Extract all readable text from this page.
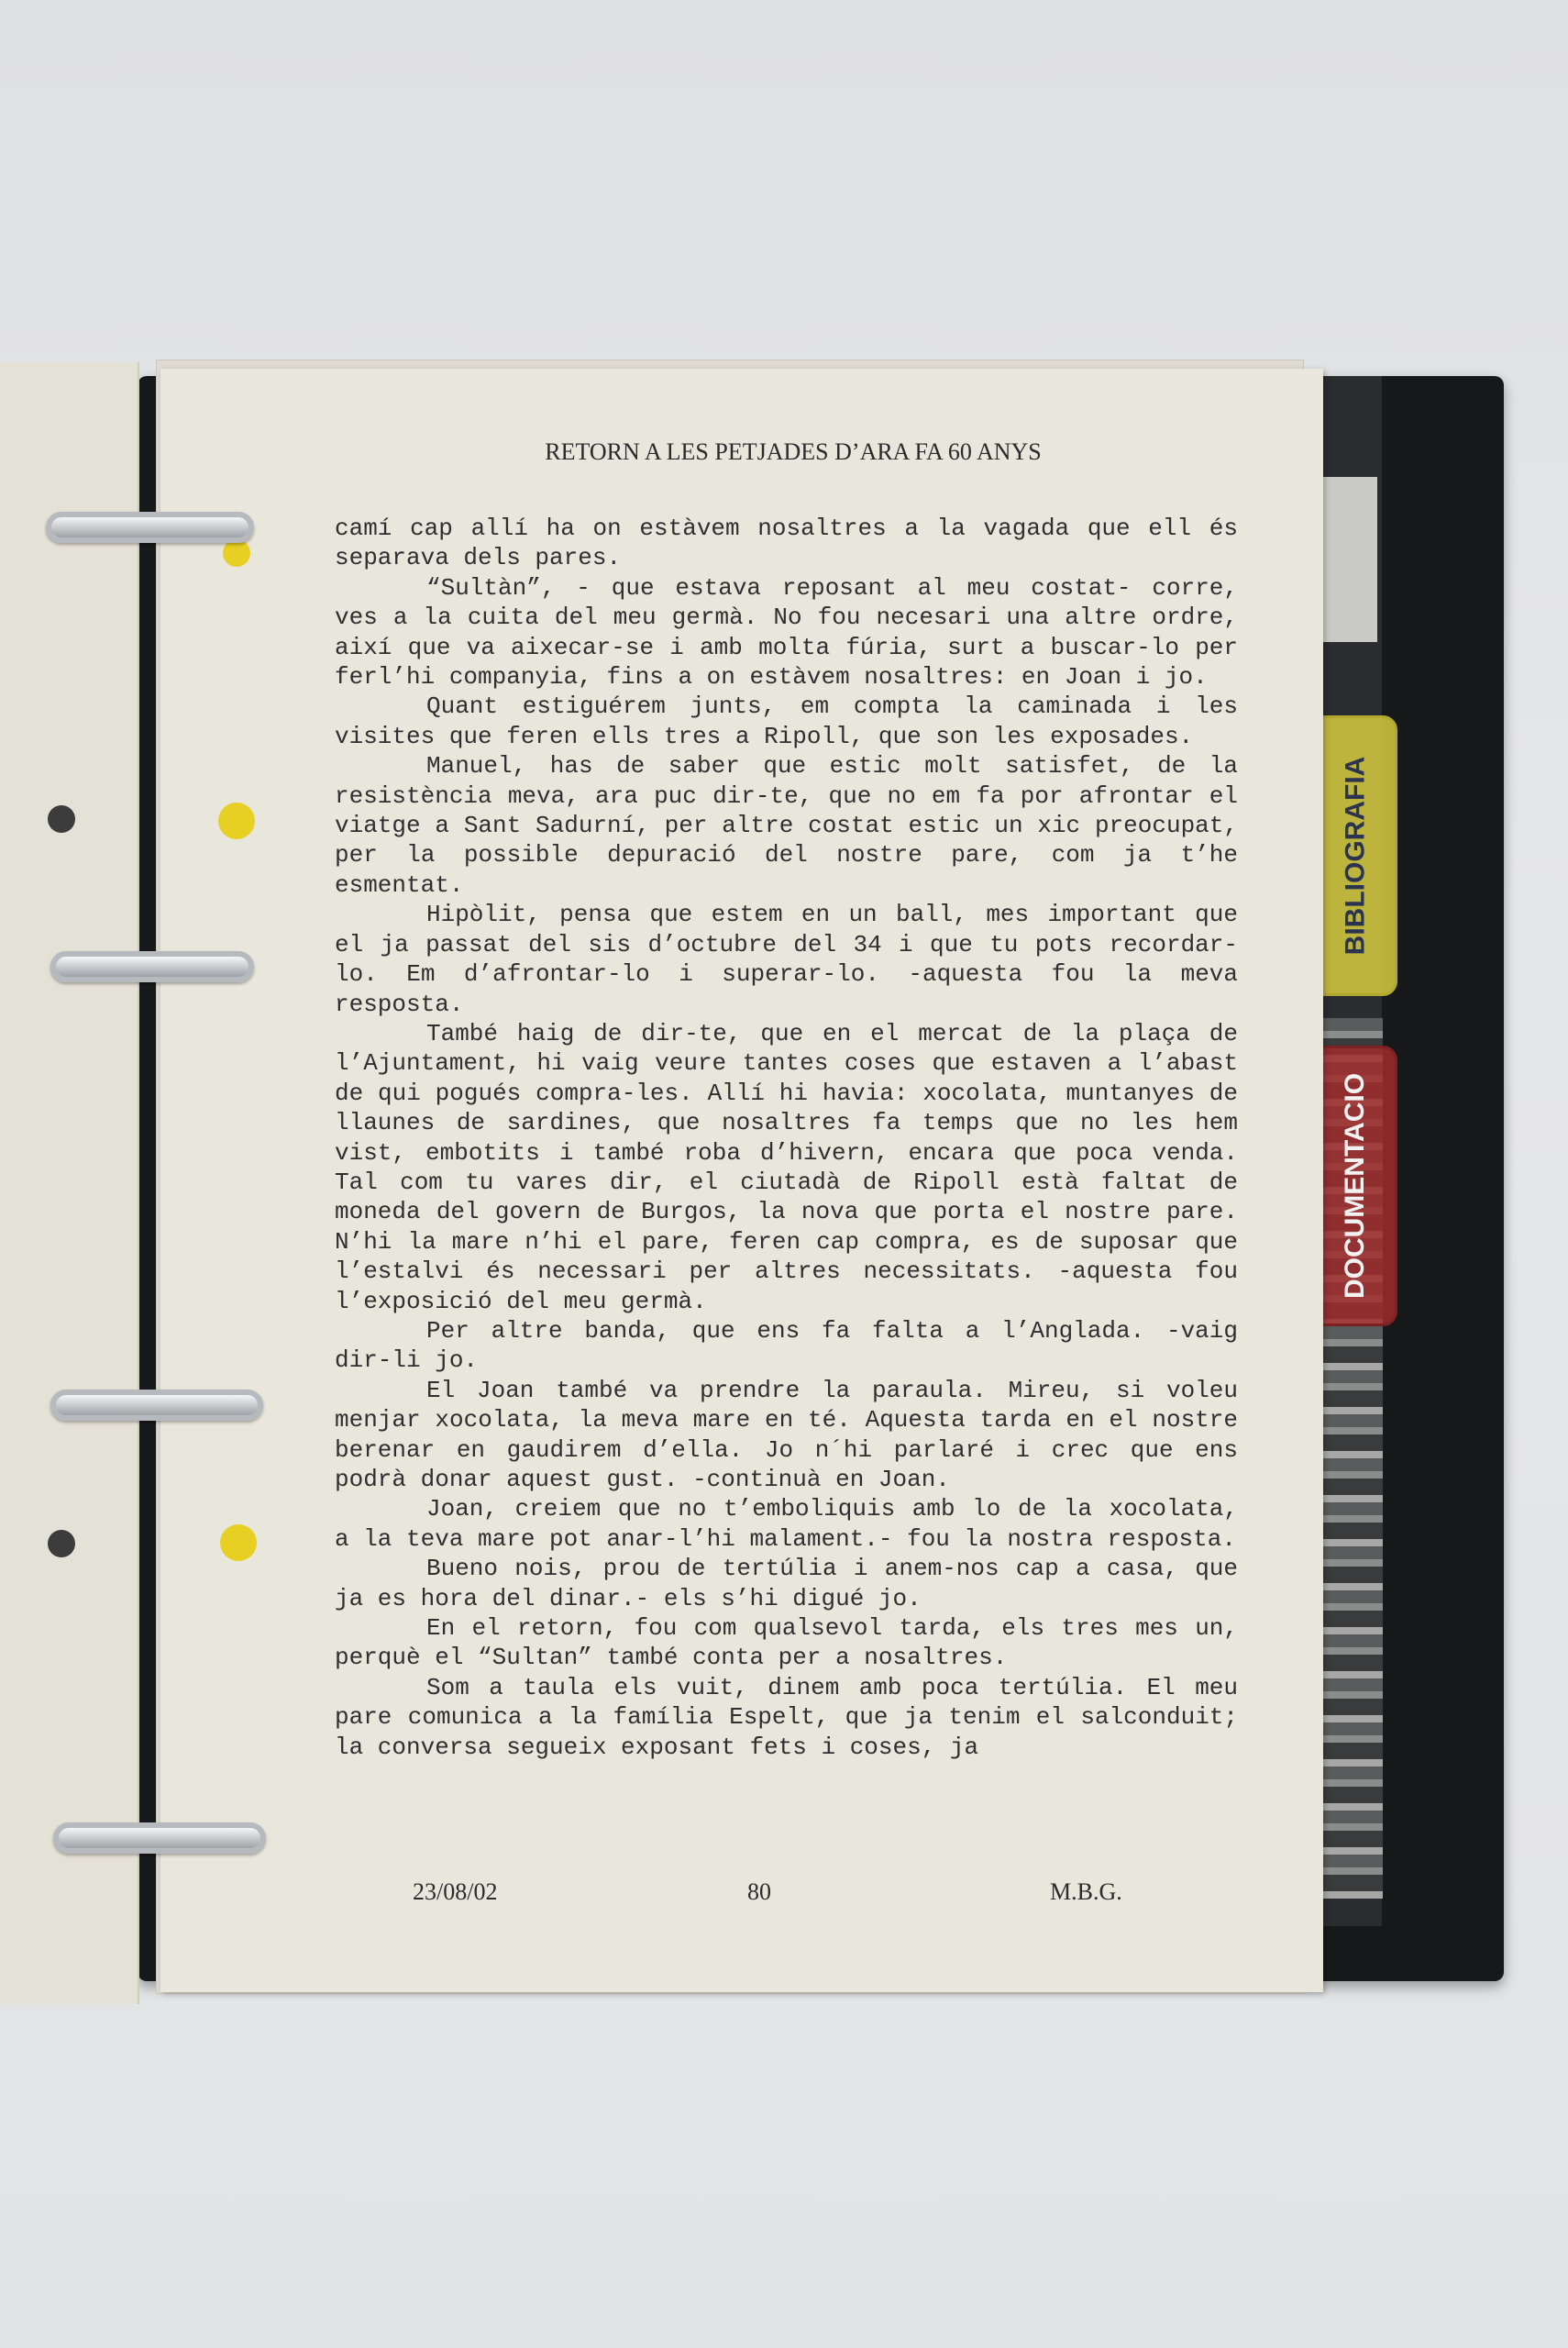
BIBLIOGRAFIA
DOCUMENTACIO
RETORN A LES PETJADES D’ARA FA 60 ANYS

camí cap allí ha on estàvem nosaltres a la vagada que ell és separava dels pares.

“Sultàn”, - que estava reposant al meu costat- corre, ves a la cuita del meu germà. No fou necesari una altre ordre, així que va aixecar-se i amb molta fúria, surt a buscar-lo per ferl’hi companyia, fins a on estàvem nosaltres: en Joan i jo.

Quant estiguérem junts, em compta la caminada i les visites que feren ells tres a Ripoll, que son les exposades.

Manuel, has de saber que estic molt satisfet, de la resistència meva, ara puc dir-te, que no em fa por afrontar el viatge a Sant Sadurní, per altre costat estic un xic preocupat, per la possible depuració del nostre pare, com ja t’he esmentat.

Hipòlit, pensa que estem en un ball, mes important que el ja passat del sis d’octubre del 34 i que tu pots recordar-lo. Em d’afrontar-lo i superar-lo. -aquesta fou la meva resposta.

També haig de dir-te, que en el mercat de la plaça de l’Ajuntament, hi vaig veure tantes coses que estaven a l’abast de qui pogués compra-les. Allí hi havia: xocolata, muntanyes de llaunes de sardines, que nosaltres fa temps que no les hem vist, embotits i també roba d’hivern, encara que poca venda. Tal com tu vares dir, el ciutadà de Ripoll està faltat de moneda del govern de Burgos, la nova que porta el nostre pare. N’hi la mare n’hi el pare, feren cap compra, es de suposar que l’estalvi és necessari per altres necessitats. -aquesta fou l’exposició del meu germà.

Per altre banda, que ens fa falta a l’Anglada. -vaig dir-li jo.

El Joan també va prendre la paraula. Mireu, si voleu menjar xocolata, la meva mare en té. Aquesta tarda en el nostre berenar en gaudirem d’ella. Jo n´hi parlaré i crec que ens podrà donar aquest gust. -continuà en Joan.

Joan, creiem que no t’emboliquis amb lo de la xocolata, a la teva mare pot anar-l’hi malament.- fou la nostra resposta.

Bueno nois, prou de tertúlia i anem-nos cap a casa, que ja es hora del dinar.- els s’hi digué jo.

En el retorn, fou com qualsevol tarda, els tres mes un, perquè el “Sultan” també conta per a nosaltres.

Som a taula els vuit, dinem amb poca tertúlia. El meu pare comunica a la família Espelt, que ja tenim el salconduit; la conversa segueix exposant fets i coses, ja

23/08/02	80	M.B.G.
